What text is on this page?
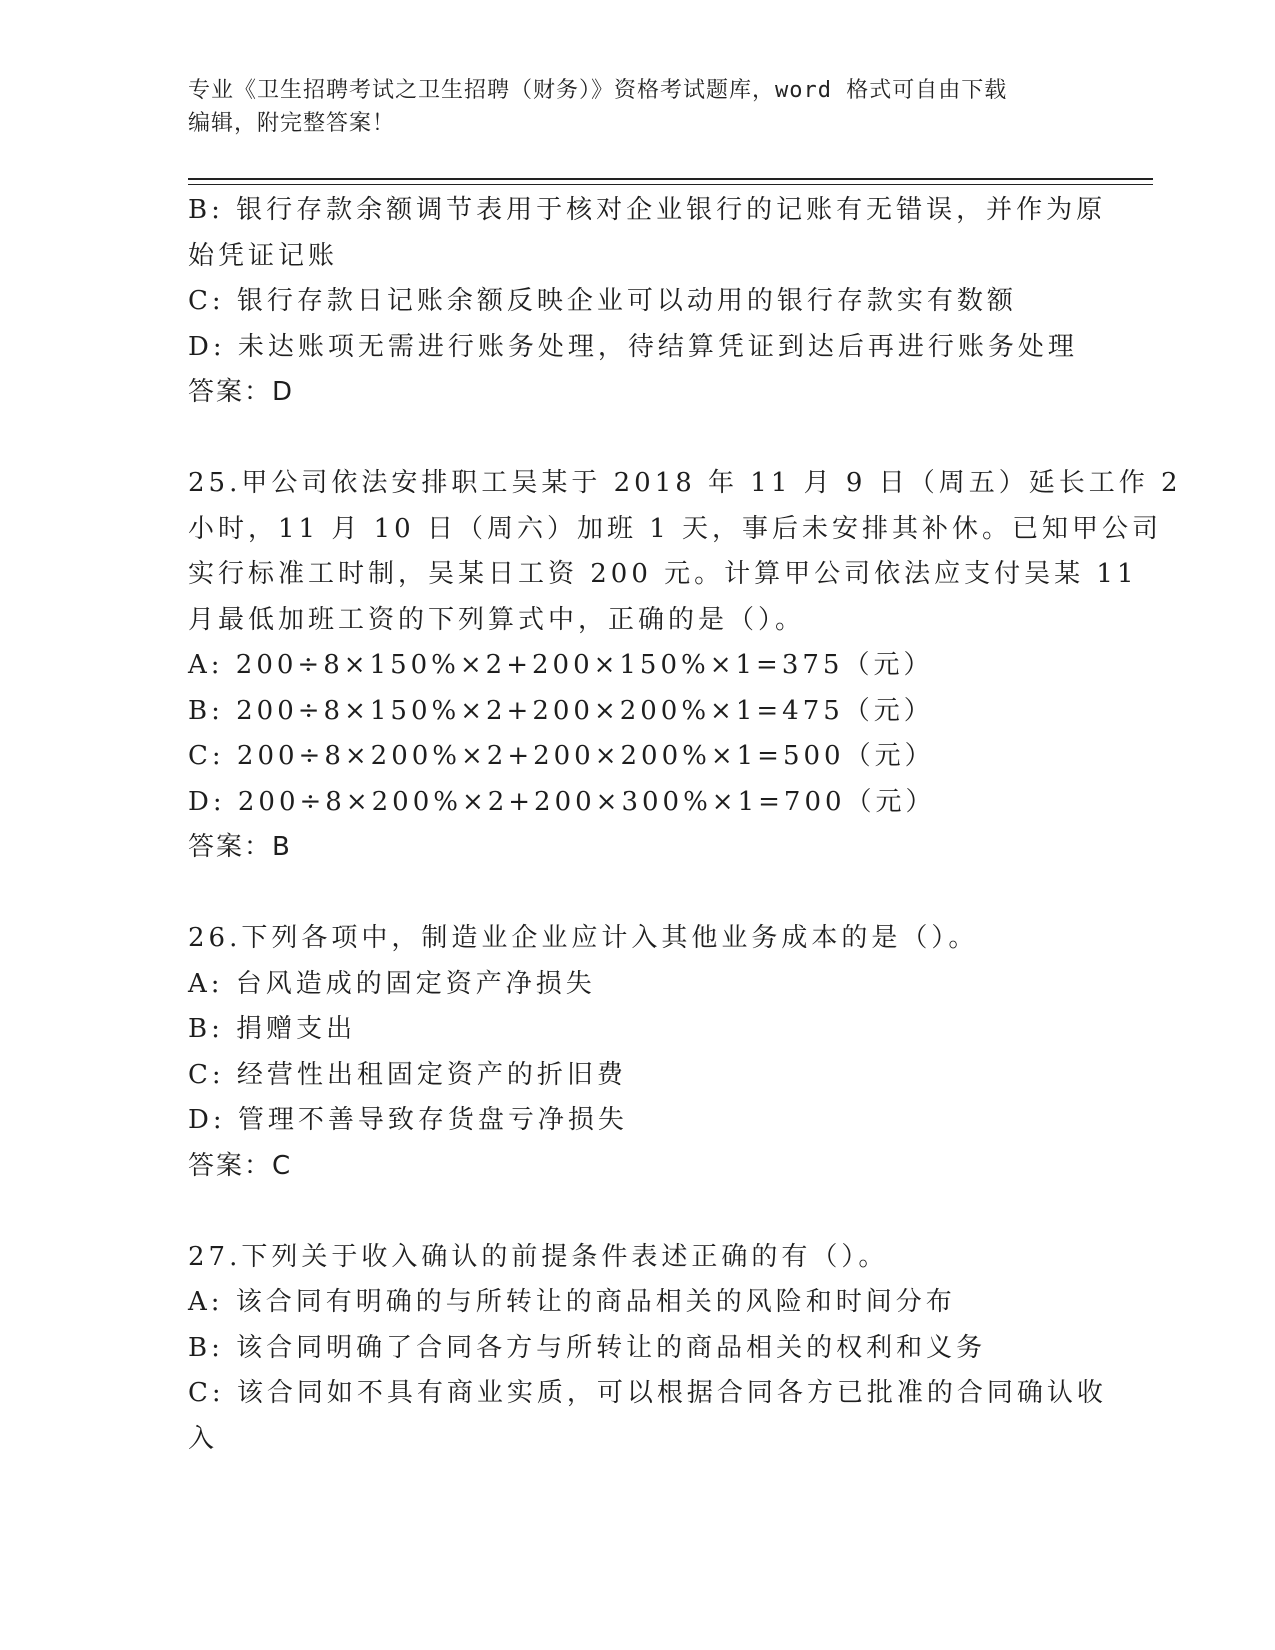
专业《卫生招聘考试之卫生招聘（财务）》资格考试题库，word 格式可自由下载
编辑，附完整答案！

B: 银行存款余额调节表用于核对企业银行的记账有无错误，并作为原

始凭证记账

C: 银行存款日记账余额反映企业可以动用的银行存款实有数额

D: 未达账项无需进行账务处理，待结算凭证到达后再进行账务处理

答案：D

25.甲公司依法安排职工吴某于 2018 年 11 月 9 日（周五）延长工作 2

小时，11 月 10 日（周六）加班 1 天，事后未安排其补休。已知甲公司

实行标准工时制，吴某日工资 200 元。计算甲公司依法应支付吴某 11

月最低加班工资的下列算式中，正确的是（）。

A: 200÷8×150%×2+200×150%×1=375（元）

B: 200÷8×150%×2+200×200%×1=475（元）

C: 200÷8×200%×2+200×200%×1=500（元）

D: 200÷8×200%×2+200×300%×1=700（元）

答案：B

26.下列各项中，制造业企业应计入其他业务成本的是（）。

A: 台风造成的固定资产净损失

B: 捐赠支出

C: 经营性出租固定资产的折旧费

D: 管理不善导致存货盘亏净损失

答案：C

27.下列关于收入确认的前提条件表述正确的有（）。

A: 该合同有明确的与所转让的商品相关的风险和时间分布

B: 该合同明确了合同各方与所转让的商品相关的权利和义务

C: 该合同如不具有商业实质，可以根据合同各方已批准的合同确认收

入
